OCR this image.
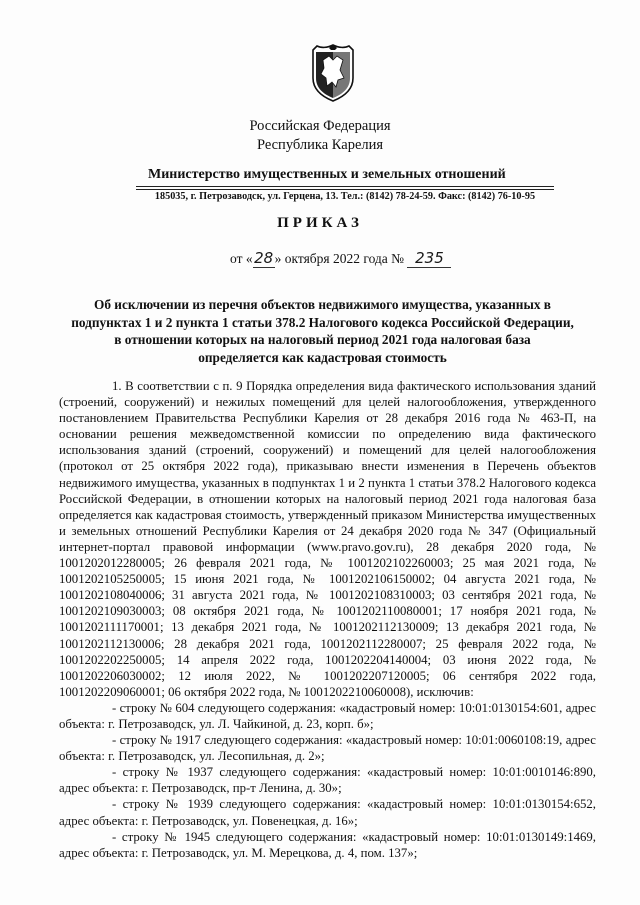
Российская Федерация
Республика Карелия
Министерство имущественных и земельных отношений
185035, г. Петрозаводск, ул. Герцена, 13. Тел.: (8142) 78-24-59. Факс: (8142) 76-10-95
ПРИКАЗ
от «28» октября 2022 года № 235
Об исключении из перечня объектов недвижимого имущества, указанных в
подпунктах 1 и 2 пункта 1 статьи 378.2 Налогового кодекса Российской Федерации,
в отношении которых на налоговый период 2021 года налоговая база
определяется как кадастровая стоимость

1. В соответствии с п. 9 Порядка определения вида фактического использования зданий (строений, сооружений) и нежилых помещений для целей налогообложения, утвержденного постановлением Правительства Республики Карелия от 28 декабря 2016 года № 463-П, на основании решения межведомственной комиссии по определению вида фактического использования зданий (строений, сооружений) и помещений для целей налогообложения (протокол от 25 октября 2022 года), приказываю внести изменения в Перечень объектов недвижимого имущества, указанных в подпунктах 1 и 2 пункта 1 статьи 378.2 Налогового кодекса Российской Федерации, в отношении которых на налоговый период 2021 года налоговая база определяется как кадастровая стоимость, утвержденный приказом Министерства имущественных и земельных отношений Республики Карелия от 24 декабря 2020 года № 347 (Официальный интернет-портал правовой информации (www.pravo.gov.ru), 28 декабря 2020 года, № 1001202012280005; 26 февраля 2021 года, № 1001202102260003; 25 мая 2021 года, № 1001202105250005; 15 июня 2021 года, № 1001202106150002; 04 августа 2021 года, № 1001202108040006; 31 августа 2021 года, № 1001202108310003; 03 сентября 2021 года, № 1001202109030003; 08 октября 2021 года, № 1001202110080001; 17 ноября 2021 года, № 1001202111170001; 13 декабря 2021 года, № 1001202112130009; 13 декабря 2021 года, № 1001202112130006; 28 декабря 2021 года, 1001202112280007; 25 февраля 2022 года, № 1001202202250005; 14 апреля 2022 года, 1001202204140004; 03 июня 2022 года, № 1001202206030002; 12 июля 2022, № 1001202207120005; 06 сентября 2022 года, 1001202209060001; 06 октября 2022 года, № 1001202210060008), исключив:

- строку № 604 следующего содержания: «кадастровый номер: 10:01:0130154:601, адрес объекта: г. Петрозаводск, ул. Л. Чайкиной, д. 23, корп. б»;

- строку № 1917 следующего содержания: «кадастровый номер: 10:01:0060108:19, адрес объекта: г. Петрозаводск, ул. Лесопильная, д. 2»;

- строку № 1937 следующего содержания: «кадастровый номер: 10:01:0010146:890, адрес объекта: г. Петрозаводск, пр-т Ленина, д. 30»;

- строку № 1939 следующего содержания: «кадастровый номер: 10:01:0130154:652, адрес объекта: г. Петрозаводск, ул. Повенецкая, д. 16»;

- строку № 1945 следующего содержания: «кадастровый номер: 10:01:0130149:1469, адрес объекта: г. Петрозаводск, ул. М. Мерецкова, д. 4, пом. 137»;
